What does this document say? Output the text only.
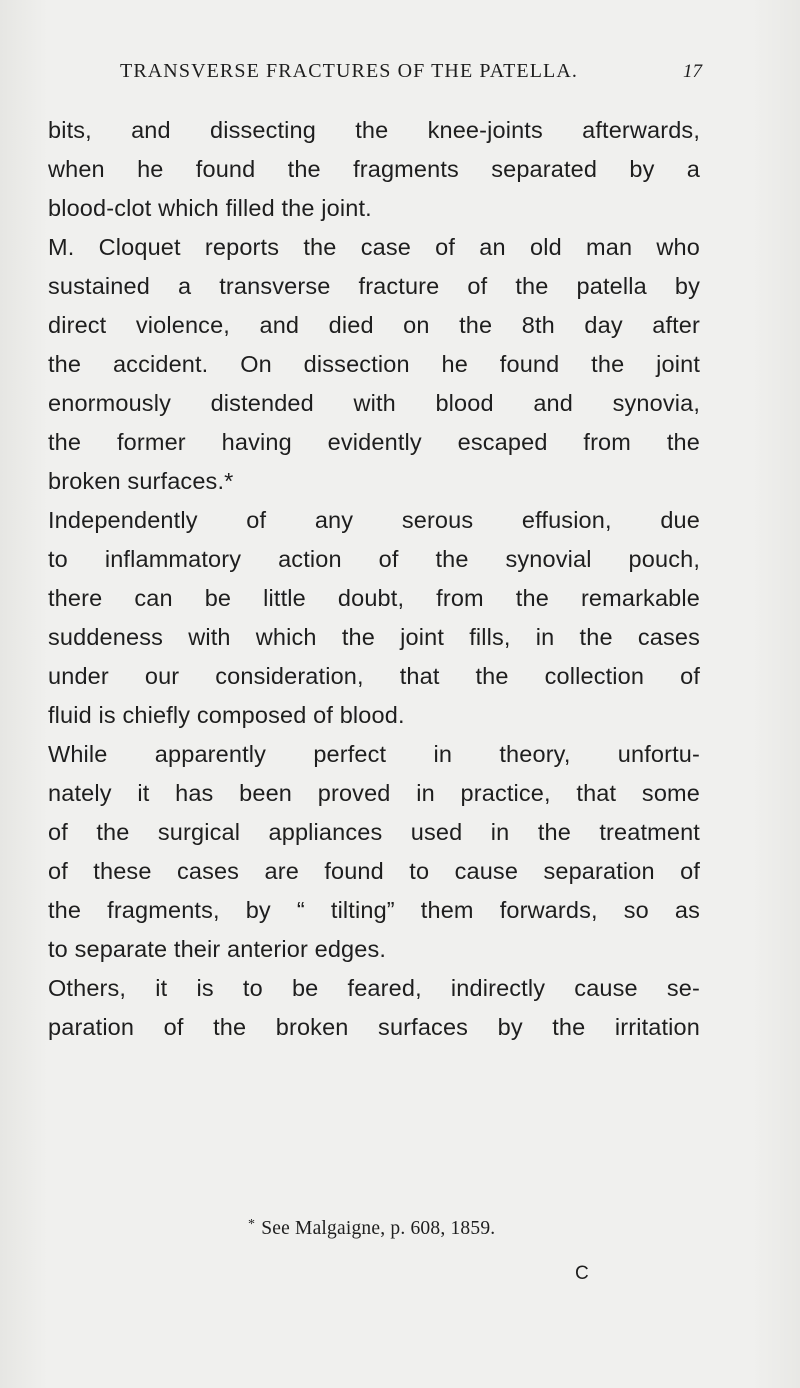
TRANSVERSE FRACTURES OF THE PATELLA.	17
bits, and dissecting the knee-joints afterwards,
when he found the fragments separated by a
blood-clot which filled the joint.
M. Cloquet reports the case of an old man who
sustained a transverse fracture of the patella by
direct violence, and died on the 8th day after
the accident. On dissection he found the joint
enormously distended with blood and synovia,
the former having evidently escaped from the
broken surfaces.*
Independently of any serous effusion, due
to inflammatory action of the synovial pouch,
there can be little doubt, from the remarkable
suddeness with which the joint fills, in the cases
under our consideration, that the collection of
fluid is chiefly composed of blood.
While apparently perfect in theory, unfortu-
nately it has been proved in practice, that some
of the surgical appliances used in the treatment
of these cases are found to cause separation of
the fragments, by “ tilting” them forwards, so as
to separate their anterior edges.
Others, it is to be feared, indirectly cause se-
paration of the broken surfaces by the irritation
* See Malgaigne, p. 608, 1859.
C
